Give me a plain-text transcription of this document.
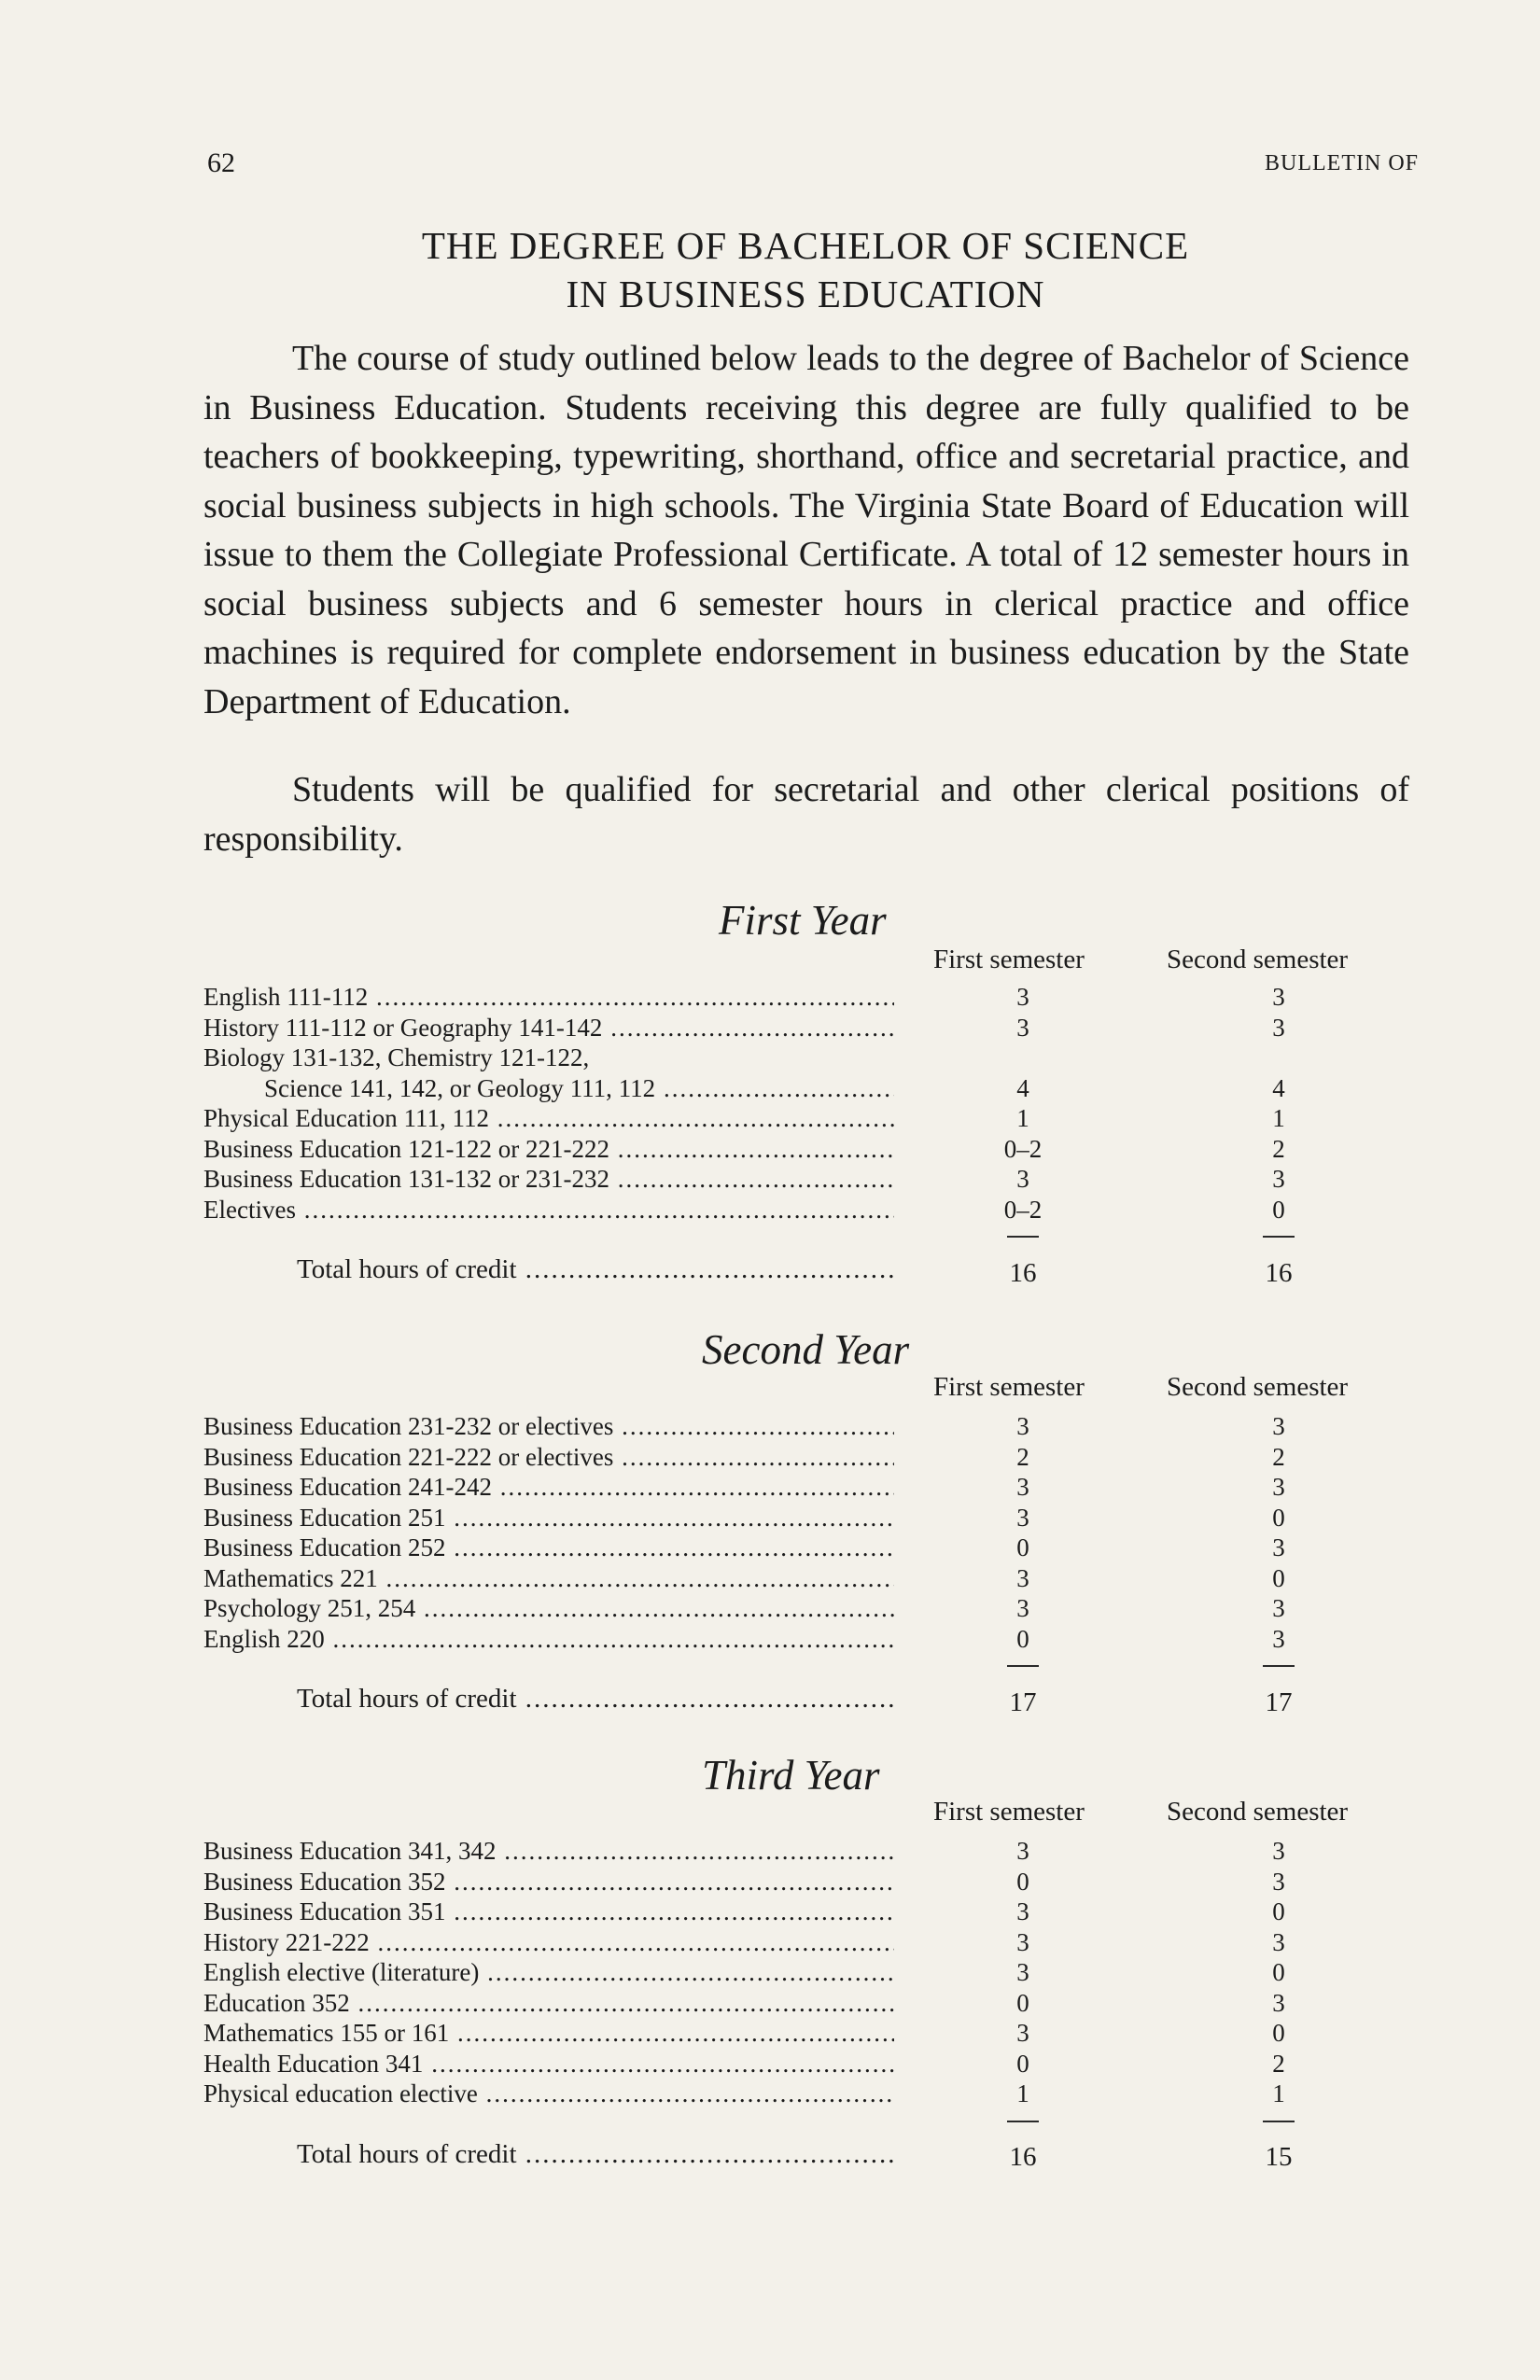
62	BULLETIN OF
THE DEGREE OF BACHELOR OF SCIENCE
IN BUSINESS EDUCATION

The course of study outlined below leads to the degree of Bachelor of Science in Business Education. Students receiving this degree are fully qualified to be teachers of bookkeeping, typewriting, shorthand, office and secretarial practice, and social business subjects in high schools. The Virginia State Board of Education will issue to them the Collegiate Professional Certificate. A total of 12 semester hours in social business subjects and 6 semester hours in clerical practice and office machines is required for complete endorsement in business education by the State Department of Education.

Students will be qualified for secretarial and other clerical positions of responsibility.

First Year
First semester	Second semester
English 111-112 .....	3	3
History 111-112 or Geography 141-142 .....	3	3
Biology 131-132, Chemistry 121-122,
Science 141, 142, or Geology 111, 112 .....	4	4
Physical Education 111, 112 .....	1	1
Business Education 121-122 or 221-222 .....	0–2	2
Business Education 131-132 or 231-232 .....	3	3
Electives .....	0–2	0
Total hours of credit .....	16	16
Second Year
First semester	Second semester
Business Education 231-232 or electives .....	3	3
Business Education 221-222 or electives .....	2	2
Business Education 241-242 .....	3	3
Business Education 251 .....	3	0
Business Education 252 .....	0	3
Mathematics 221 .....	3	0
Psychology 251, 254 .....	3	3
English 220 .....	0	3
Total hours of credit .....	17	17
Third Year
First semester	Second semester
Business Education 341, 342 .....	3	3
Business Education 352 .....	0	3
Business Education 351 .....	3	0
History 221-222 .....	3	3
English elective (literature) .....	3	0
Education 352 .....	0	3
Mathematics 155 or 161 .....	3	0
Health Education 341 .....	0	2
Physical education elective .....	1	1
Total hours of credit .....	16	15
